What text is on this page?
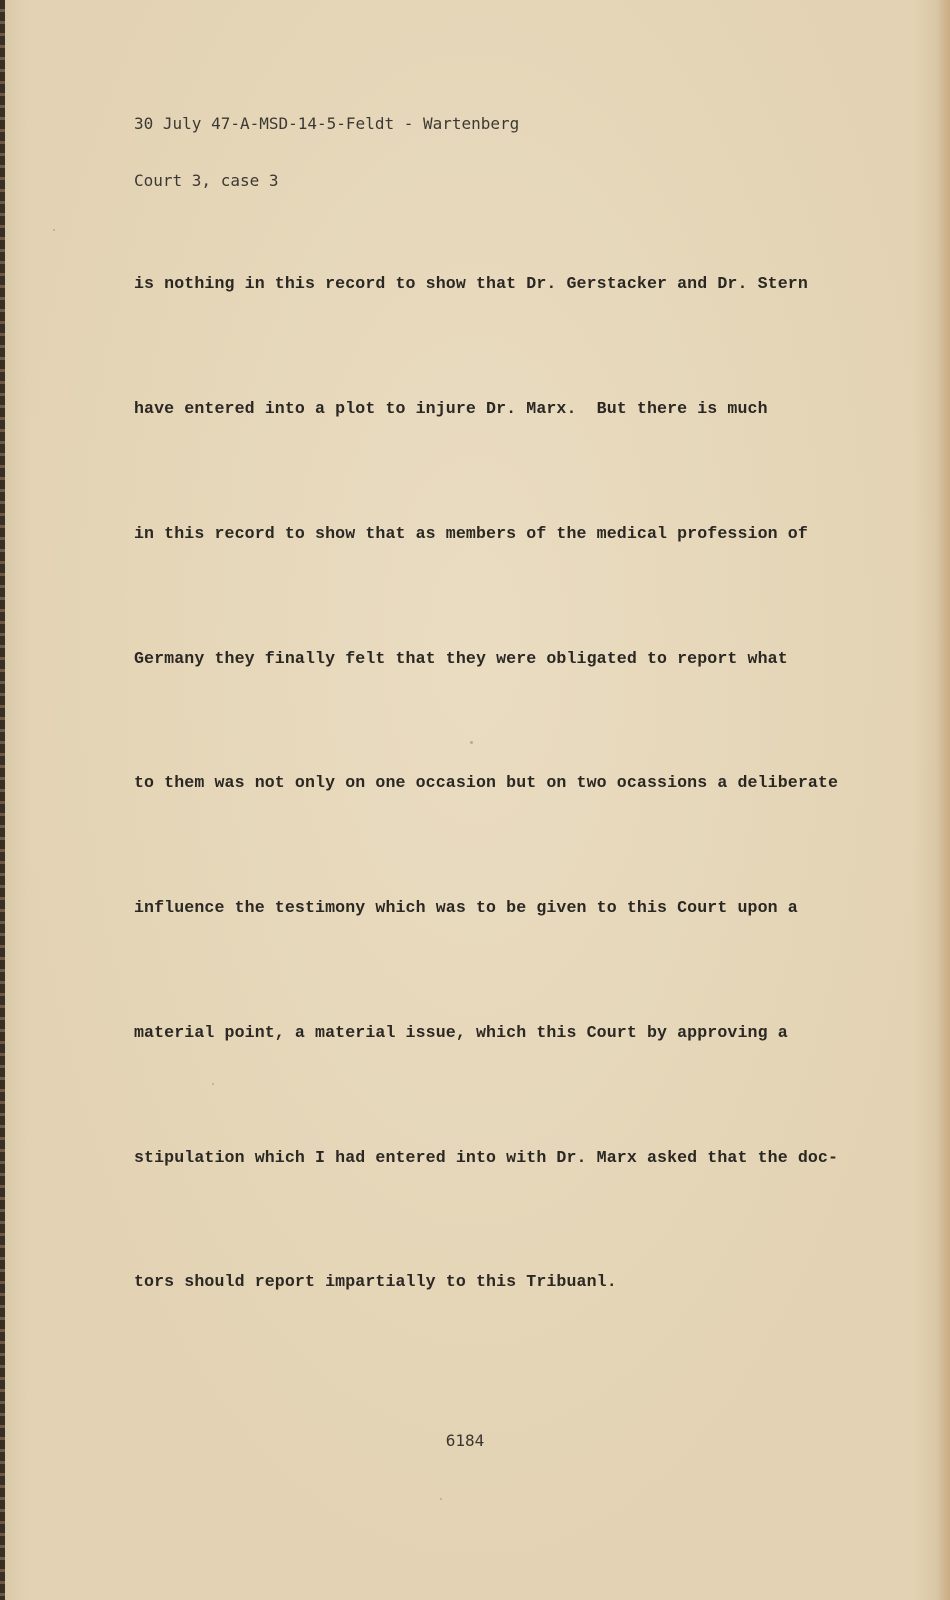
30 July 47-A-MSD-14-5-Feldt - Wartenberg

Court 3, case 3

is nothing in this record to show that Dr. Gerstacker and Dr. Stern

have entered into a plot to injure Dr. Marx.  But there is much

in this record to show that as members of the medical profession of

Germany they finally felt that they were obligated to report what

to them was not only on one occasion but on two ocassions a deliberate

influence the testimony which was to be given to this Court upon a

material point, a material issue, which this Court by approving a

stipulation which I had entered into with Dr. Marx asked that the doc-

tors should report impartially to this Tribuanl.

6184
